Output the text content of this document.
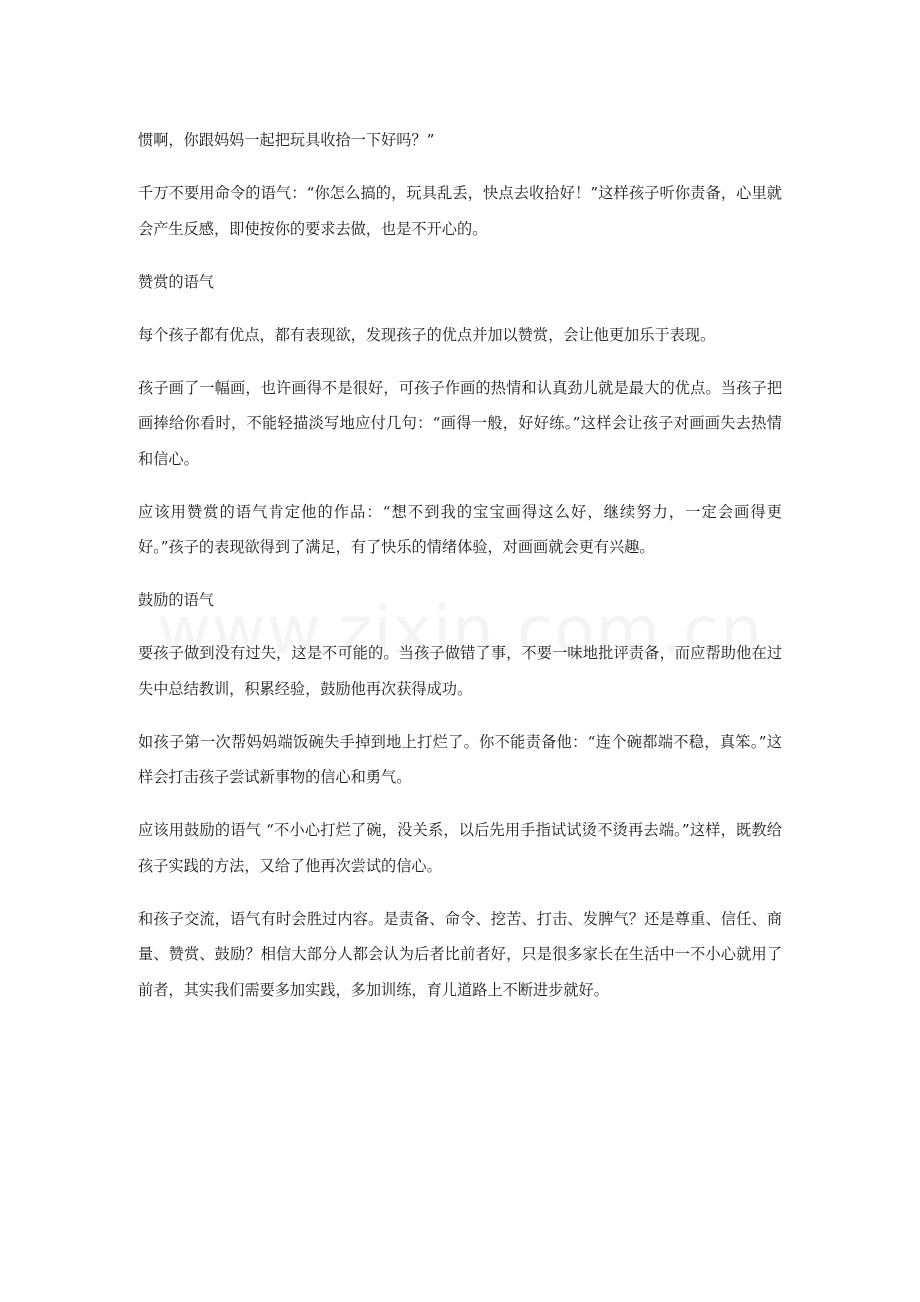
惯啊，你跟妈妈一起把玩具收拾一下好吗？”

千万不要用命令的语气：“你怎么搞的，玩具乱丢，快点去收拾好！”这样孩子听你责备，心里就会产生反感，即使按你的要求去做，也是不开心的。

赞赏的语气

每个孩子都有优点，都有表现欲，发现孩子的优点并加以赞赏，会让他更加乐于表现。

孩子画了一幅画，也许画得不是很好，可孩子作画的热情和认真劲儿就是最大的优点。当孩子把画捧给你看时，不能轻描淡写地应付几句：“画得一般，好好练。”这样会让孩子对画画失去热情和信心。

应该用赞赏的语气肯定他的作品：“想不到我的宝宝画得这么好，继续努力，一定会画得更好。”孩子的表现欲得到了满足，有了快乐的情绪体验，对画画就会更有兴趣。

鼓励的语气

要孩子做到没有过失，这是不可能的。当孩子做错了事，不要一味地批评责备，而应帮助他在过失中总结教训，积累经验，鼓励他再次获得成功。

如孩子第一次帮妈妈端饭碗失手掉到地上打烂了。你不能责备他：“连个碗都端不稳，真笨。”这样会打击孩子尝试新事物的信心和勇气。

应该用鼓励的语气 “不小心打烂了碗，没关系，以后先用手指试试烫不烫再去端。”这样，既教给孩子实践的方法，又给了他再次尝试的信心。

和孩子交流，语气有时会胜过内容。是责备、命令、挖苦、打击、发脾气？还是尊重、信任、商量、赞赏、鼓励？相信大部分人都会认为后者比前者好，只是很多家长在生活中一不小心就用了前者，其实我们需要多加实践，多加训练，育儿道路上不断进步就好。
